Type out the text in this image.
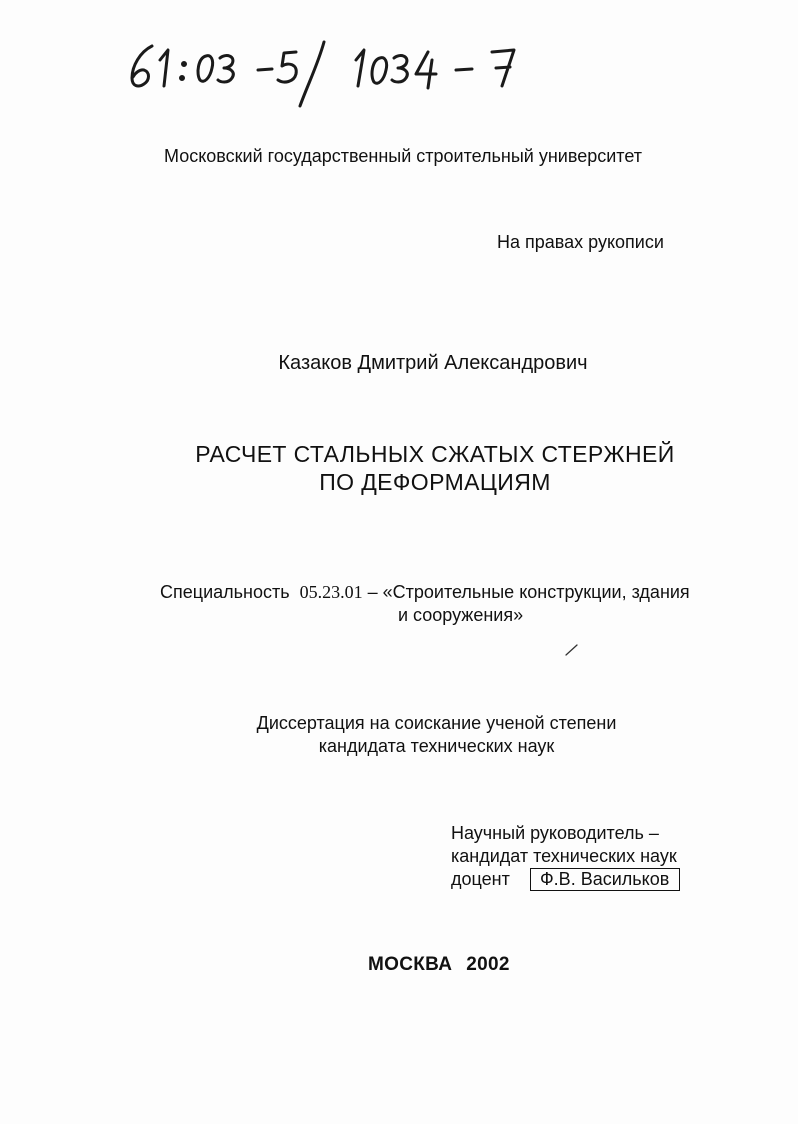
Московский государственный строительный университет
На правах рукописи
Казаков Дмитрий Александрович
РАСЧЕТ СТАЛЬНЫХ СЖАТЫХ СТЕРЖНЕЙ
ПО ДЕФОРМАЦИЯМ
Специальность 05.23.01 – «Строительные конструкции, здания
и сооружения»
Диссертация на соискание ученой степени
кандидата технических наук
Научный руководитель –
кандидат технических наук
доцент	Ф.В. Васильков
МОСКВА 2002
